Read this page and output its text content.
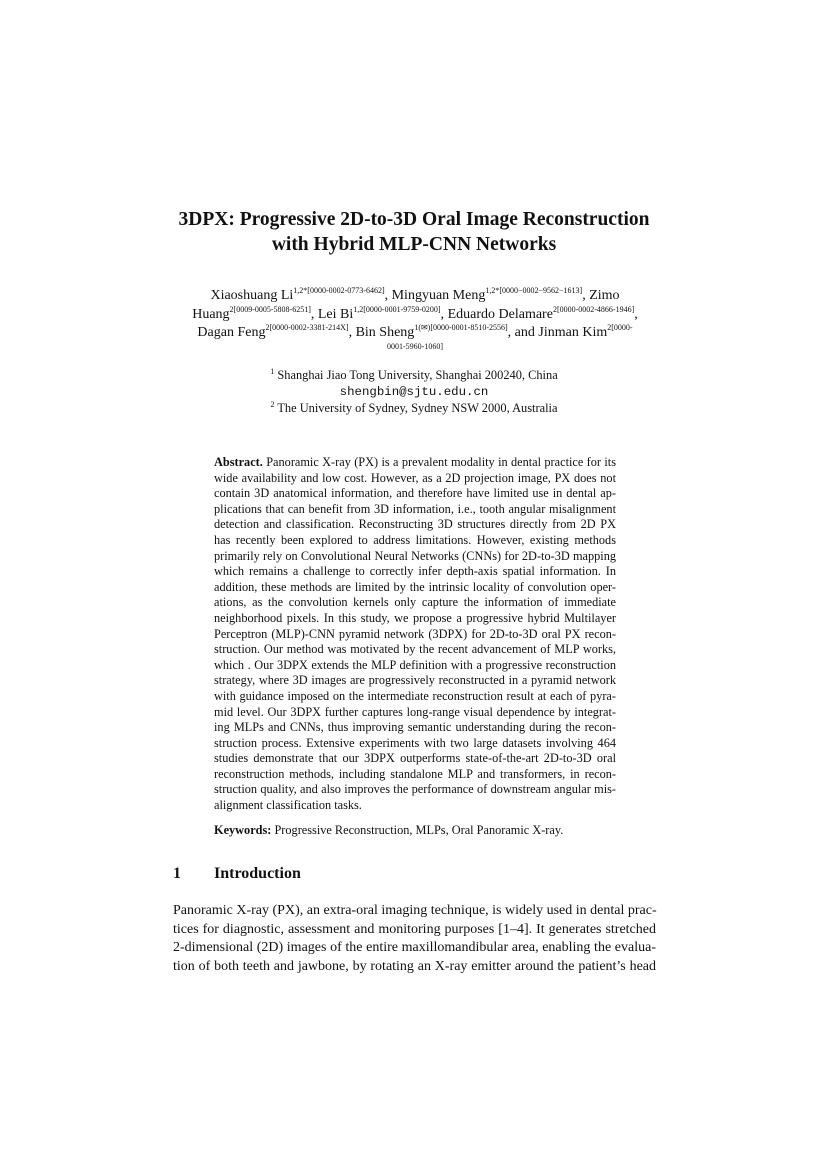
3DPX: Progressive 2D-to-3D Oral Image Reconstruction
with Hybrid MLP-CNN Networks
Xiaoshuang $Li^{1,2*[0000-0002-0773-6462]}$, Mingyuan Meng$^{1,2*[0000-0002-9562-1613]}$, Zimo
Huang$^{2[0009-0005-5808-6251]}$, Lei $Bi^{1,2[0000-0001-9759-0200]}$, Eduardo Delamare$^{2[0000-0002-4866-1946]}$,
Dagan Feng$^{2[0000-0002-3381-214X]}$, Bin Sheng$^{1(✉)[0000-0001-8510-2556]}$, and Jinman Kim$^{2[0000-}$
$^{0001-5960-1060]}$
$^1$ Shanghai Jiao Tong University, Shanghai 200240, China
shengbin@sjtu.edu.cn
$^2$ The University of Sydney, Sydney NSW 2000, Australia
Abstract. Panoramic X-ray (PX) is a prevalent modality in dental practice for its
wide availability and low cost. However, as a 2D projection image, PX does not
contain 3D anatomical information, and therefore have limited use in dental ap-
plications that can benefit from 3D information, i.e., tooth angular misalignment
detection and classification. Reconstructing 3D structures directly from 2D PX
has recently been explored to address limitations. However, existing methods
primarily rely on Convolutional Neural Networks (CNNs) for 2D-to-3D mapping
which remains a challenge to correctly infer depth-axis spatial information. In
addition, these methods are limited by the intrinsic locality of convolution oper-
ations, as the convolution kernels only capture the information of immediate
neighborhood pixels. In this study, we propose a progressive hybrid Multilayer
Perceptron (MLP)-CNN pyramid network (3DPX) for 2D-to-3D oral PX recon-
struction. Our method was motivated by the recent advancement of MLP works,
which . Our 3DPX extends the MLP definition with a progressive reconstruction
strategy, where 3D images are progressively reconstructed in a pyramid network
with guidance imposed on the intermediate reconstruction result at each of pyra-
mid level. Our 3DPX further captures long-range visual dependence by integrat-
ing MLPs and CNNs, thus improving semantic understanding during the recon-
struction process. Extensive experiments with two large datasets involving 464
studies demonstrate that our 3DPX outperforms state-of-the-art 2D-to-3D oral
reconstruction methods, including standalone MLP and transformers, in recon-
struction quality, and also improves the performance of downstream angular mis-
alignment classification tasks.
Keywords: Progressive Reconstruction, MLPs, Oral Panoramic X-ray.
1 Introduction
Panoramic X-ray (PX), an extra-oral imaging technique, is widely used in dental prac-
tices for diagnostic, assessment and monitoring purposes [1–4]. It generates stretched
2-dimensional (2D) images of the entire maxillomandibular area, enabling the evalua-
tion of both teeth and jawbone, by rotating an X-ray emitter around the patient’s head
